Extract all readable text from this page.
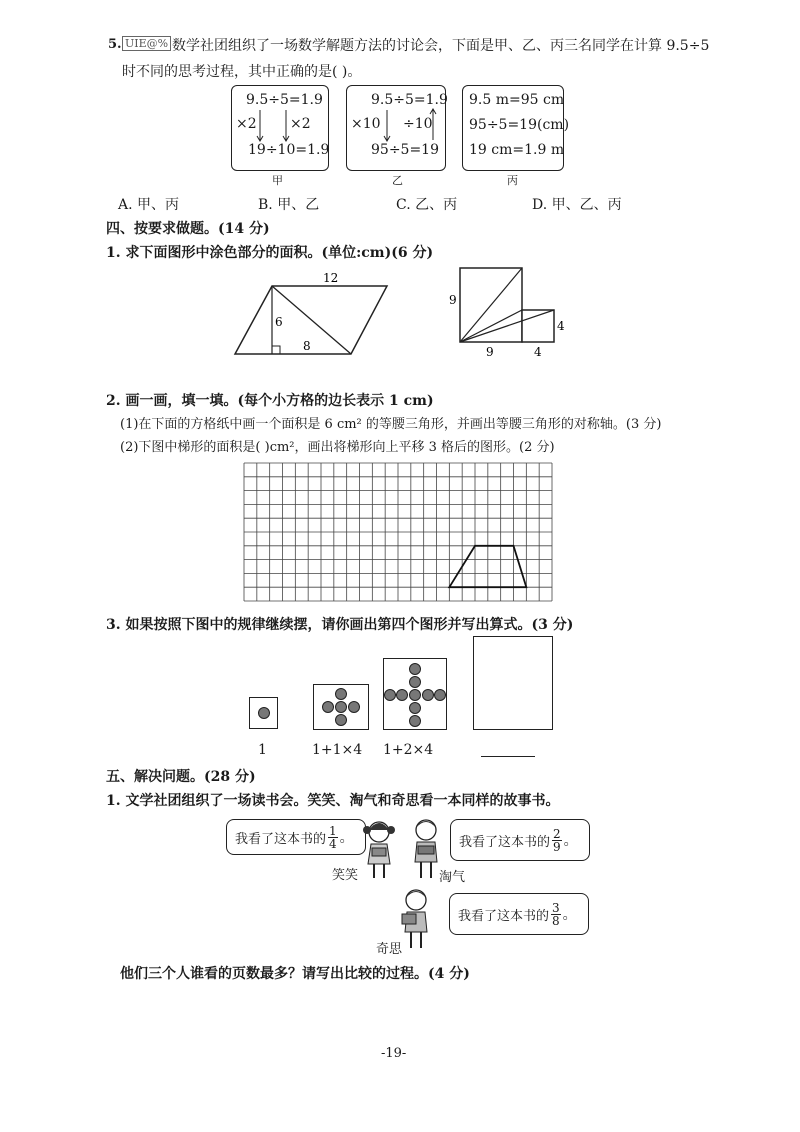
5. UIE@% 数学社团组织了一场数学解题方法的讨论会，下面是甲、乙、丙三名同学在计算 9.5÷5
时不同的思考过程，其中正确的是( )。
9.5÷5=1.9
×2 ×2
19÷10=1.9
甲
9.5÷5=1.9
×10 ÷10
95÷5=19
乙
9.5 m=95 cm
95÷5=19(cm)
19 cm=1.9 m
丙
A. 甲、丙	B. 甲、乙	C. 乙、丙	D. 甲、乙、丙
四、按要求做题。(14 分)
1. 求下面图形中涂色部分的面积。(单位:cm)(6 分)
12
6
8
9
4
9	4
2. 画一画，填一填。(每个小方格的边长表示 1 cm)
(1)在下面的方格纸中画一个面积是 6 cm² 的等腰三角形，并画出等腰三角形的对称轴。(3 分)
(2)下图中梯形的面积是( )cm²，画出将梯形向上平移 3 格后的图形。(2 分)
3. 如果按照下图中的规律继续摆，请你画出第四个图形并写出算式。(3 分)
1	1+1×4 1+2×4
五、解决问题。(28 分)
1. 文学社团组织了一场读书会。笑笑、淘气和奇思看一本同样的故事书。
我看了这本书的 $\frac{1}{4}$ 。
笑笑	淘气
我看了这本书的 $\frac{2}{9}$ 。
奇思
我看了这本书的 $\frac{3}{8}$ 。
他们三个人谁看的页数最多？请写出比较的过程。(4 分)
-19-
